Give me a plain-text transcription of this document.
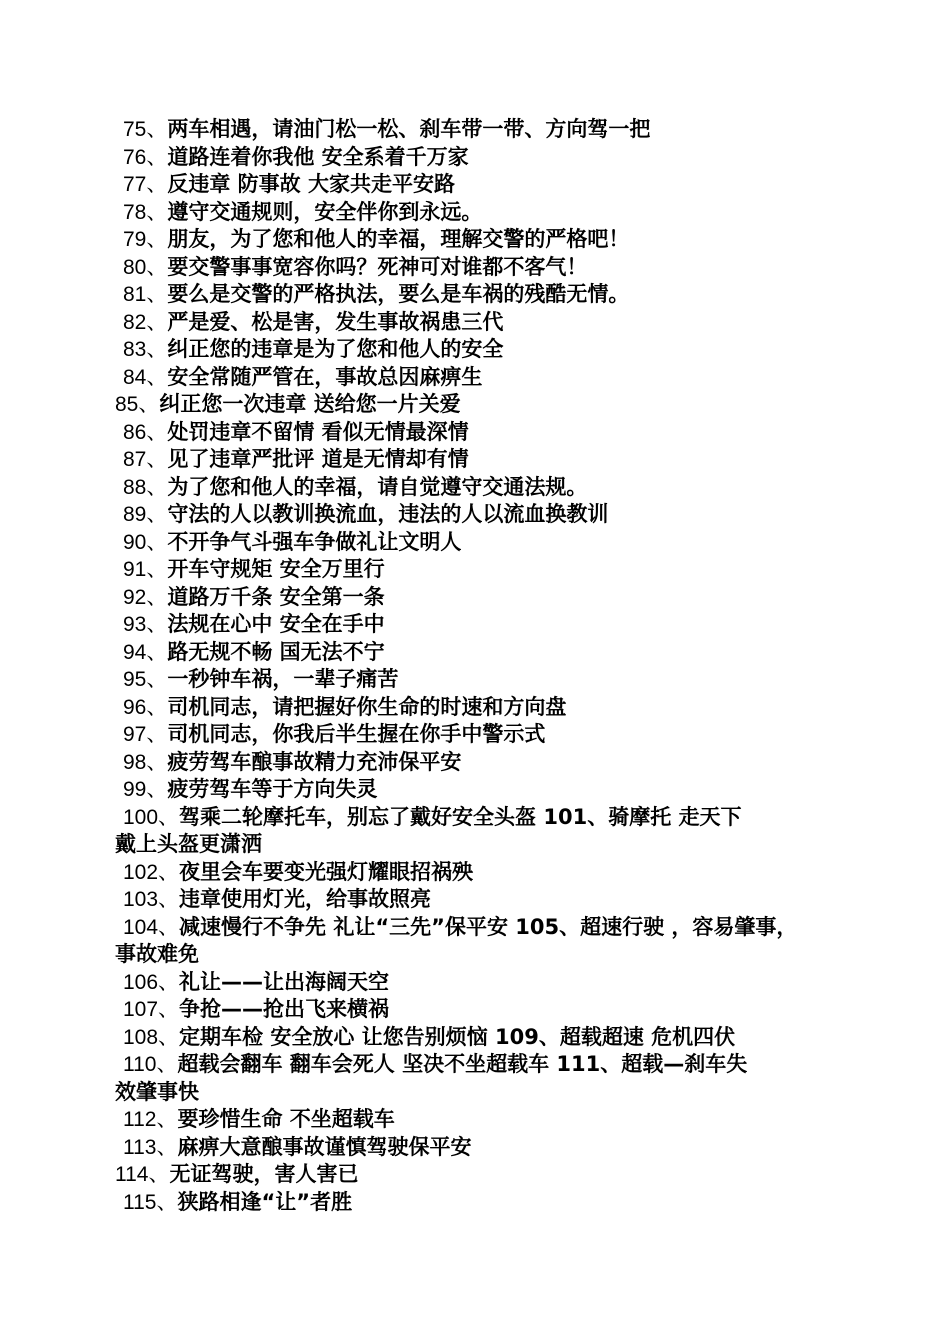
75、两车相遇，请油门松一松、刹车带一带、方向驾一把
76、道路连着你我他 安全系着千万家
77、反违章 防事故 大家共走平安路
78、遵守交通规则，安全伴你到永远。
79、朋友，为了您和他人的幸福，理解交警的严格吧！
80、要交警事事宽容你吗？死神可对谁都不客气！
81、要么是交警的严格执法，要么是车祸的残酷无情。
82、严是爱、松是害，发生事故祸患三代
83、纠正您的违章是为了您和他人的安全
84、安全常随严管在，事故总因麻痹生
85、纠正您一次违章 送给您一片关爱
86、处罚违章不留情 看似无情最深情
87、见了违章严批评 道是无情却有情
88、为了您和他人的幸福，请自觉遵守交通法规。
89、守法的人以教训换流血，违法的人以流血换教训
90、不开争气斗强车争做礼让文明人
91、开车守规矩 安全万里行
92、道路万千条 安全第一条
93、法规在心中 安全在手中
94、路无规不畅 国无法不宁
95、一秒钟车祸，一辈子痛苦
96、司机同志，请把握好你生命的时速和方向盘
97、司机同志，你我后半生握在你手中警示式
98、疲劳驾车酿事故精力充沛保平安
99、疲劳驾车等于方向失灵
100、驾乘二轮摩托车，别忘了戴好安全头盔 101、骑摩托 走天下
戴上头盔更潇洒
102、夜里会车要变光强灯耀眼招祸殃
103、违章使用灯光，给事故照亮
104、减速慢行不争先 礼让“三先”保平安 105、超速行驶 ，容易肇事，
事故难免
106、礼让——让出海阔天空
107、争抢——抢出飞来横祸
108、定期车检 安全放心 让您告别烦恼 109、超载超速 危机四伏
110、超载会翻车 翻车会死人 坚决不坐超载车 111、超载—刹车失
效肇事快
112、要珍惜生命 不坐超载车
113、麻痹大意酿事故谨慎驾驶保平安
114、无证驾驶，害人害已
115、狭路相逢“让”者胜
